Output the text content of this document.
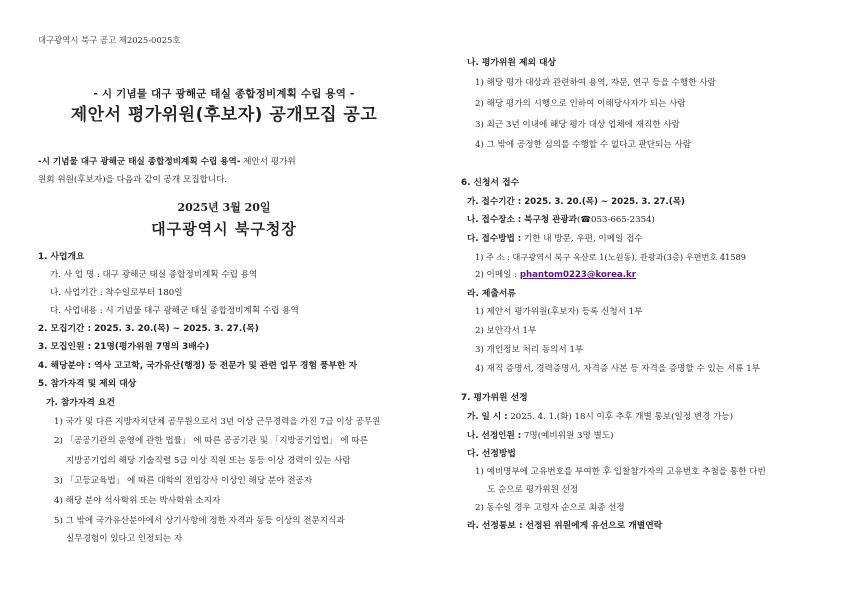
대구광역시 북구 공고 제2025-0025호
- 시 기념물 대구 광해군 태실 종합정비계획 수립 용역 -
제안서 평가위원(후보자) 공개모집 공고
-시 기념물 대구 광해군 태실 종합정비계획 수립 용역- 제안서 평가위
원회 위원(후보자)을 다음과 같이 공개 모집합니다.
2025년 3월 20일
대구광역시 북구청장
1. 사업개요
가. 사 업 명 : 대구 광해군 태실 종합정비계획 수립 용역
나. 사업기간 : 착수일로부터 180일
다. 사업내용 : 시 기념물 대구 광해군 태실 종합정비계획 수립 용역
2. 모집기간 : 2025. 3. 20.(목) ~ 2025. 3. 27.(목)
3. 모집인원 : 21명(평가위원 7명의 3배수)
4. 해당분야 : 역사 고고학, 국가유산(행정) 등 전문가 및 관련 업무 경험 풍부한 자
5. 참가자격 및 제외 대상
가. 참가자격 요건
1) 국가 및 다른 지방자치단체 공무원으로서 3년 이상 근무경력을 가진 7급 이상 공무원
2) 「공공기관의 운영에 관한 법률」 에 따른 공공기관 및 「지방공기업법」 에 따른
지방공기업의 해당 기술직렬 5급 이상 직원 또는 동등 이상 경력이 있는 사람
3) 「고등교육법」 에 따른 대학의 전임강사 이상인 해당 분야 전공자
4) 해당 분야 석사학위 또는 박사학위 소지자
5) 그 밖에 국가유산분야에서 상기사항에 정한 자격과 동등 이상의 전문지식과
실무경험이 있다고 인정되는 자
나. 평가위원 제외 대상
1) 해당 평가 대상과 관련하여 용역, 자문, 연구 등을 수행한 사람
2) 해당 평가의 시행으로 인하여 이해당사자가 되는 사람
3) 최근 3년 이내에 해당 평가 대상 업체에 재직한 사람
4) 그 밖에 공정한 심의를 수행할 수 없다고 판단되는 사람
6. 신청서 접수
가. 접수기간 : 2025. 3. 20.(목) ~ 2025. 3. 27.(목)
나. 접수장소 : 북구청 관광과(☎053-665-2354)
다. 접수방법 : 기한 내 방문, 우편, 이메일 접수
1) 주 소 : 대구광역시 북구 옥산로 1(노원동), 관광과(3층) 우편번호 41589
2) 이메일 : phantom0223@korea.kr
라. 제출서류
1) 제안서 평가위원(후보자) 등록 신청서 1부
2) 보안각서 1부
3) 개인정보 처리 동의서 1부
4) 재직 증명서, 경력증명서, 자격증 사본 등 자격을 증명할 수 있는 서류 1부
7. 평가위원 선정
가. 일 시 : 2025. 4. 1.(화) 18시 이후 추후 개별 통보(일정 변경 가능)
나. 선정인원 : 7명(예비위원 3명 별도)
다. 선정방법
1) 예비명부에 고유번호를 부여한 후 입찰참가자의 고유번호 추첨을 통한 다빈
도 순으로 평가위원 선정
2) 동수일 경우 고령자 순으로 최종 선정
라. 선정통보 : 선정된 위원에게 유선으로 개별연락
